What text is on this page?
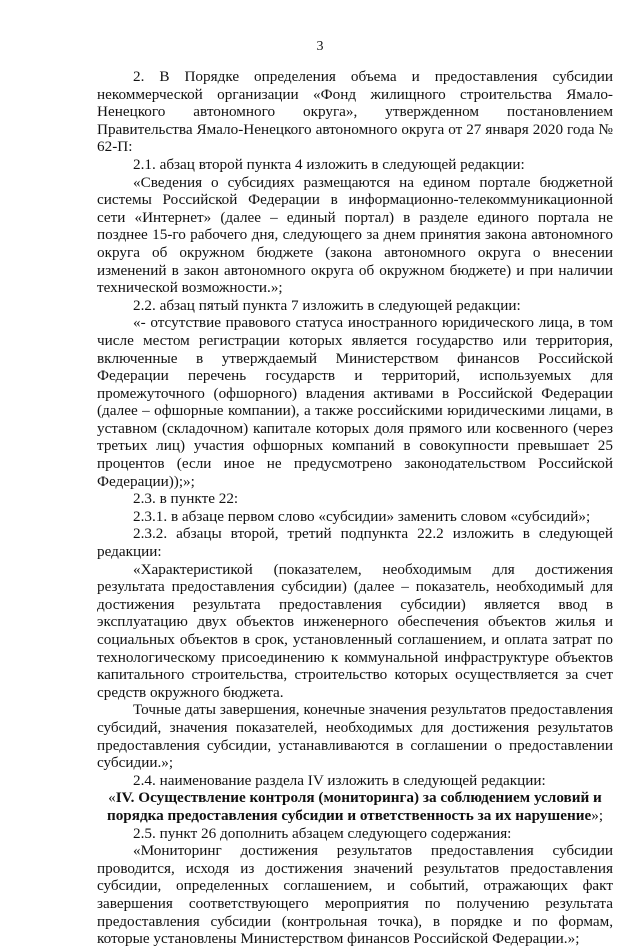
3

2. В Порядке определения объема и предоставления субсидии некоммерческой организации «Фонд жилищного строительства Ямало-Ненецкого автономного округа», утвержденном постановлением Правительства Ямало-Ненецкого автономного округа от 27 января 2020 года № 62-П:

2.1. абзац второй пункта 4 изложить в следующей редакции:

«Сведения о субсидиях размещаются на едином портале бюджетной системы Российской Федерации в информационно-телекоммуникационной сети «Интернет» (далее – единый портал) в разделе единого портала не позднее 15-го рабочего дня, следующего за днем принятия закона автономного округа об окружном бюджете (закона автономного округа о внесении изменений в закон автономного округа об окружном бюджете) и при наличии технической возможности.»;

2.2. абзац пятый пункта 7 изложить в следующей редакции:

«- отсутствие правового статуса иностранного юридического лица, в том числе местом регистрации которых является государство или территория, включенные в утверждаемый Министерством финансов Российской Федерации перечень государств и территорий, используемых для промежуточного (офшорного) владения активами в Российской Федерации (далее – офшорные компании), а также российскими юридическими лицами, в уставном (складочном) капитале которых доля прямого или косвенного (через третьих лиц) участия офшорных компаний в совокупности превышает 25 процентов (если иное не предусмотрено законодательством Российской Федерации));»;

2.3. в пункте 22:

2.3.1. в абзаце первом слово «субсидии» заменить словом «субсидий»;

2.3.2. абзацы второй, третий подпункта 22.2 изложить в следующей редакции:

«Характеристикой (показателем, необходимым для достижения результата предоставления субсидии) (далее – показатель, необходимый для достижения результата предоставления субсидии) является ввод в эксплуатацию двух объектов инженерного обеспечения объектов жилья и социальных объектов в срок, установленный соглашением, и оплата затрат по технологическому присоединению к коммунальной инфраструктуре объектов капитального строительства, строительство которых осуществляется за счет средств окружного бюджета.

Точные даты завершения, конечные значения результатов предоставления субсидий, значения показателей, необходимых для достижения результатов предоставления субсидии, устанавливаются в соглашении о предоставлении субсидии.»;

2.4. наименование раздела IV изложить в следующей редакции:

«IV. Осуществление контроля (мониторинга) за соблюдением условий и порядка предоставления субсидии и ответственность за их нарушение»;

2.5. пункт 26 дополнить абзацем следующего содержания:

«Мониторинг достижения результатов предоставления субсидии проводится, исходя из достижения значений результатов предоставления субсидии, определенных соглашением, и событий, отражающих факт завершения соответствующего мероприятия по получению результата предоставления субсидии (контрольная точка), в порядке и по формам, которые установлены Министерством финансов Российской Федерации.»;
